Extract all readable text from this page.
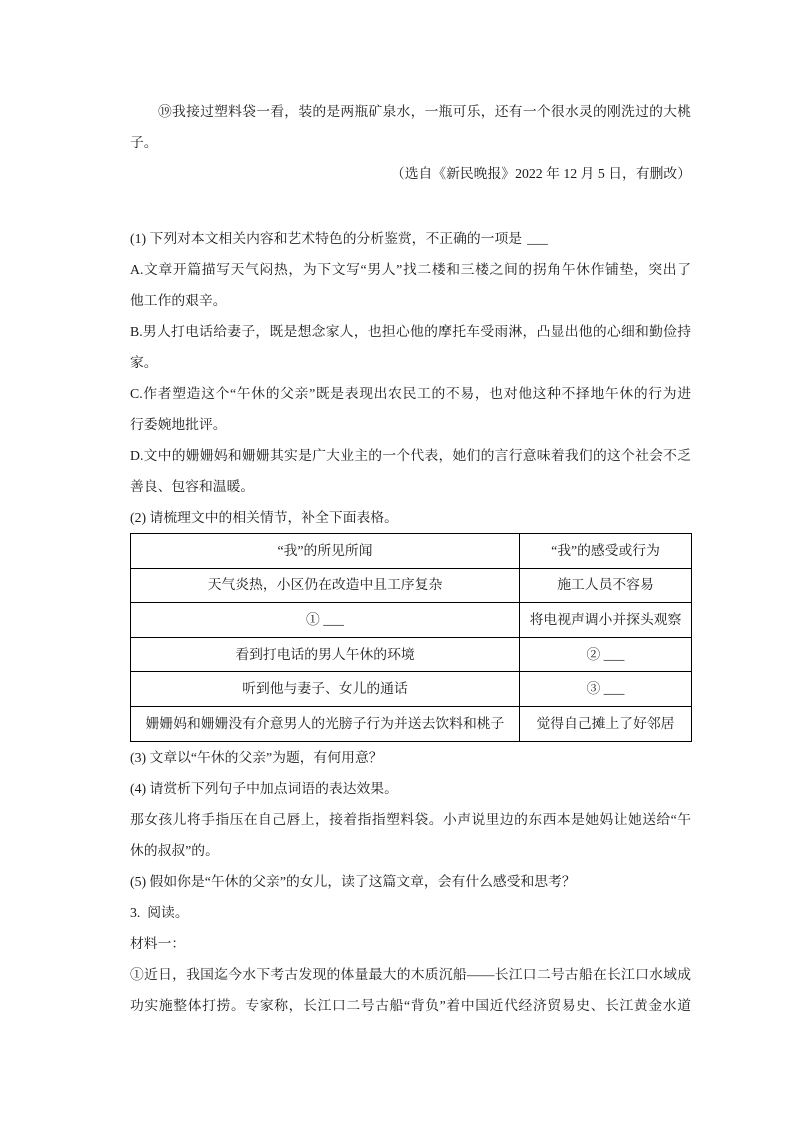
⑲我接过塑料袋一看，装的是两瓶矿泉水，一瓶可乐，还有一个很水灵的刚洗过的大桃
子。
（选自《新民晚报》2022 年 12 月 5 日，有删改）
(1) 下列对本文相关内容和艺术特色的分析鉴赏，不正确的一项是 ___
A.文章开篇描写天气闷热，为下文写“男人”找二楼和三楼之间的拐角午休作铺垫，突出了
他工作的艰辛。
B.男人打电话给妻子，既是想念家人，也担心他的摩托车受雨淋，凸显出他的心细和勤俭持
家。
C.作者塑造这个“午休的父亲”既是表现出农民工的不易，也对他这种不择地午休的行为进
行委婉地批评。
D.文中的姗姗妈和姗姗其实是广大业主的一个代表，她们的言行意味着我们的这个社会不乏
善良、包容和温暖。
(2) 请梳理文中的相关情节，补全下面表格。
“我”的所见所闻	“我”的感受或行为
天气炎热，小区仍在改造中且工序复杂	施工人员不容易
① ___	将电视声调小并探头观察
看到打电话的男人午休的环境	② ___
听到他与妻子、女儿的通话	③ ___
姗姗妈和姗姗没有介意男人的光膀子行为并送去饮料和桃子	觉得自己摊上了好邻居
(3) 文章以“午休的父亲”为题，有何用意？
(4) 请赏析下列句子中加点词语的表达效果。
那女孩儿将手指压在自己唇上，接着指指塑料袋。小声说里边的东西本是她妈让她送给“午
休的叔叔”的。
(5) 假如你是“午休的父亲”的女儿，读了这篇文章，会有什么感受和思考？
3.  阅读。
材料一：
①近日，我国迄今水下考古发现的体量最大的木质沉船——长江口二号古船在长江口水域成
功实施整体打捞。专家称，长江口二号古船“背负”着中国近代经济贸易史、长江黄金水道
